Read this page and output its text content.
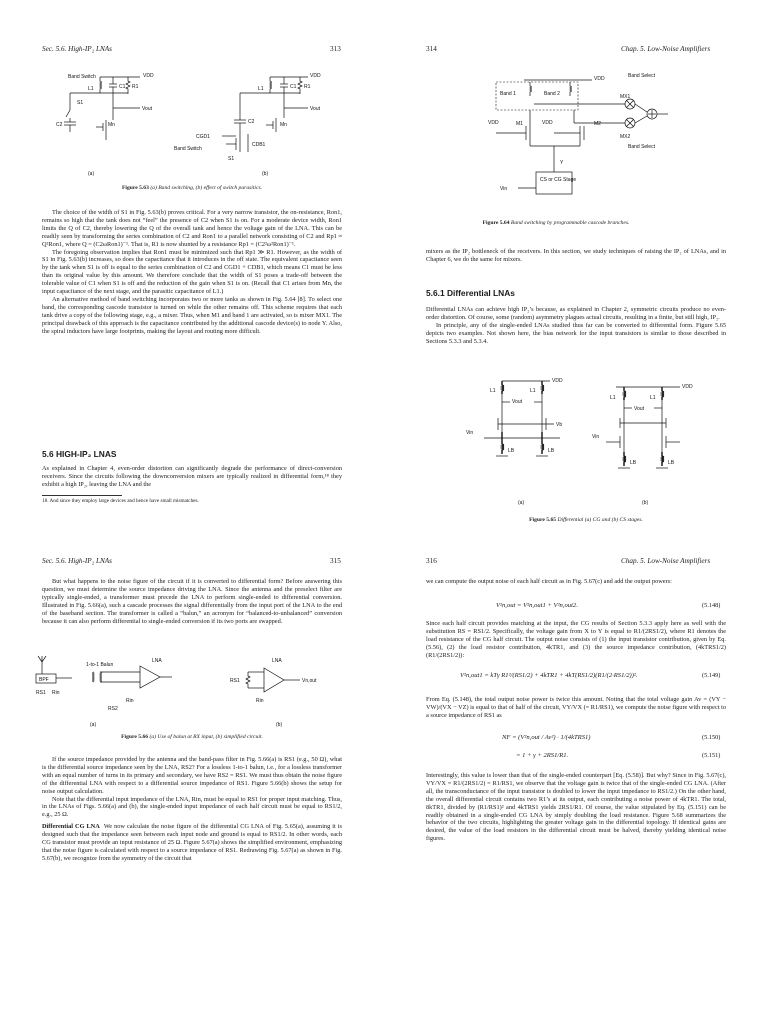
Sec. 5.6. High-IP₂ LNAs	313
Band Switch	VDD
L1	C1 R1
Vout
S1
C2	Mn
(a)
VDD
L1	C1 R1
Vout
C2	Mn
CGD1
CDB1
Band Switch
S1
(b)
Figure 5.63 (a) Band switching, (b) effect of switch parasitics.

The choice of the width of S1 in Fig. 5.63(b) proves critical. For a very narrow transistor, the on-resistance, Ron1, remains so high that the tank does not “feel” the presence of C2 when S1 is on. For a moderate device width, Ron1 limits the Q of C2, thereby lowering the Q of the overall tank and hence the voltage gain of the LNA. This can be readily seen by transforming the series combination of C2 and Ron1 to a parallel network consisting of C2 and Rp1 ≈ Q²Ron1, where Q = (C2ωRon1)⁻¹. That is, R1 is now shunted by a resistance Rp1 = (C2²ω²Ron1)⁻¹.

The foregoing observation implies that Ron1 must be minimized such that Rp1 ≫ R1. However, as the width of S1 in Fig. 5.63(b) increases, so does the capacitance that it introduces in the off state. The equivalent capacitance seen by the tank when S1 is off is equal to the series combination of C2 and CGD1 + CDB1, which means C1 must be less than its original value by this amount. We therefore conclude that the width of S1 poses a trade-off between the tolerable value of C1 when S1 is off and the reduction of the gain when S1 is on. (Recall that C1 arises from Mn, the input capacitance of the next stage, and the parasitic capacitance of L1.)

An alternative method of band switching incorporates two or more tanks as shown in Fig. 5.64 [8]. To select one band, the corresponding cascode transistor is turned on while the other remains off. This scheme requires that each tank drive a copy of the following stage, e.g., a mixer. Thus, when M1 and band 1 are activated, so is mixer MX1. The principal drawback of this approach is the capacitance contributed by the additional cascode device(s) to node Y. Also, the spiral inductors have large footprints, making the layout and routing more difficult.

5.6 HIGH-IP₂ LNAS

As explained in Chapter 4, even-order distortion can significantly degrade the performance of direct-conversion receivers. Since the circuits following the downconversion mixers are typically realized in differential form,¹⁸ they exhibit a high IP₂, leaving the LNA and the

18. And since they employ large devices and hence have small mismatches.
314	Chap. 5. Low-Noise Amplifiers
Band 1	Band 2
VDD	Band Select
MX1
MX2
Band Select
VDD	VDD
M1	M2
Y
CS or CG Stage
Vin
Figure 5.64 Band switching by programmable cascode branches.

mixers as the IP₂ bottleneck of the receivers. In this section, we study techniques of raising the IP₂ of LNAs, and in Chapter 6, we do the same for mixers.

5.6.1 Differential LNAs

Differential LNAs can achieve high IP₂’s because, as explained in Chapter 2, symmetric circuits produce no even-order distortion. Of course, some (random) asymmetry plagues actual circuits, resulting in a finite, but still high, IP₂.

In principle, any of the single-ended LNAs studied thus far can be converted to differential form. Figure 5.65 depicts two examples. Not shown here, the bias network for the input transistors is similar to those described in Sections 5.3.3 and 5.3.4.

VDD
L1	L1
Vout
Vb
Vin
LB	LB
(a)
VDD
L1	L1
Vout
Vin
LB	LB
(b)
Figure 5.65 Differential (a) CG and (b) CS stages.
Sec. 5.6. High-IP₂ LNAs	315

But what happens to the noise figure of the circuit if it is converted to differential form? Before answering this question, we must determine the source impedance driving the LNA. Since the antenna and the preselect filter are typically single-ended, a transformer must precede the LNA to perform single-ended to differential conversion. Illustrated in Fig. 5.66(a), such a cascade processes the signal differentially from the input port of the LNA to the end of the baseband section. The transformer is called a “balun,” an acronym for “balanced-to-unbalanced” conversion because it can also perform differential to single-ended conversion if its two ports are swapped.

BPF
1-to-1 Balun
RS1 Rin
LNA
Rin
RS2
(a)
LNA
RS1	Vn,out
Rin
(b)
Figure 5.66 (a) Use of balun at RX input, (b) simplified circuit.

If the source impedance provided by the antenna and the band-pass filter in Fig. 5.66(a) is RS1 (e.g., 50 Ω), what is the differential source impedance seen by the LNA, RS2? For a lossless 1-to-1 balun, i.e., for a lossless transformer with an equal number of turns in its primary and secondary, we have RS2 = RS1. We must thus obtain the noise figure of the differential LNA with respect to a differential source impedance of RS1. Figure 5.66(b) shows the setup for noise output calculation.

Note that the differential input impedance of the LNA, Rin, must be equal to RS1 for proper input matching. Thus, in the LNAs of Figs. 5.66(a) and (b), the single-ended input impedance of each half circuit must be equal to RS1/2, e.g., 25 Ω.

Differential CG LNA We now calculate the noise figure of the differential CG LNA of Fig. 5.65(a), assuming it is designed such that the impedance seen between each input node and ground is equal to RS1/2. In other words, each CG transistor must provide an input resistance of 25 Ω. Figure 5.67(a) shows the simplified environment, emphasizing that the noise figure is calculated with respect to a source impedance of RS1. Redrawing Fig. 5.67(a) as shown in Fig. 5.67(b), we recognize from the symmetry of the circuit that

316	Chap. 5. Low-Noise Amplifiers

we can compute the output noise of each half circuit as in Fig. 5.67(c) and add the output powers:

V²n,out = V²n,out1 + V²n,out2.	(5.148)

Since each half circuit provides matching at the input, the CG results of Section 5.3.3 apply here as well with the substitution RS = RS1/2. Specifically, the voltage gain from X to Y is equal to R1/(2RS1/2), where R1 denotes the load resistance of the CG half circuit. The output noise consists of (1) the input transistor contribution, given by Eq. (5.56), (2) the load resistor contribution, 4kTR1, and (3) the source impedance contribution, (4kTRS1/2)(R1/(2RS1/2)):

V²n,out1 = kTγ R1²/(RS1/2) + 4kTR1 + 4kT(RS1/2)(R1/(2·RS1/2))².	(5.149)

From Eq. (5.148), the total output noise power is twice this amount. Noting that the total voltage gain Av = (VY − VW)/(VX − VZ) is equal to that of half of the circuit, VY/VX (= R1/RS1), we compute the noise figure with respect to a source impedance of RS1 as

NF = (V²n,out / Av²) · 1/(4kTRS1)	(5.150)
= 1 + γ + 2RS1/R1.	(5.151)

Interestingly, this value is lower than that of the single-ended counterpart [Eq. (5.58)]. But why? Since in Fig. 5.67(c), VY/VX = R1/(2RS1/2) = R1/RS1, we observe that the voltage gain is twice that of the single-ended CG LNA. (After all, the transconductance of the input transistor is doubled to lower the input impedance to RS1/2.) On the other hand, the overall differential circuit contains two R1’s at its output, each contributing a noise power of 4kTR1. The total, 8kTR1, divided by (R1/RS1)² and 4kTRS1 yields 2RS1/R1. Of course, the value stipulated by Eq. (5.151) can be readily obtained in a single-ended CG LNA by simply doubling the load resistance. Figure 5.68 summarizes the behavior of the two circuits, highlighting the greater voltage gain in the differential topology. If identical gains are desired, the value of the load resistors in the differential circuit must be halved, thereby yielding identical noise figures.
